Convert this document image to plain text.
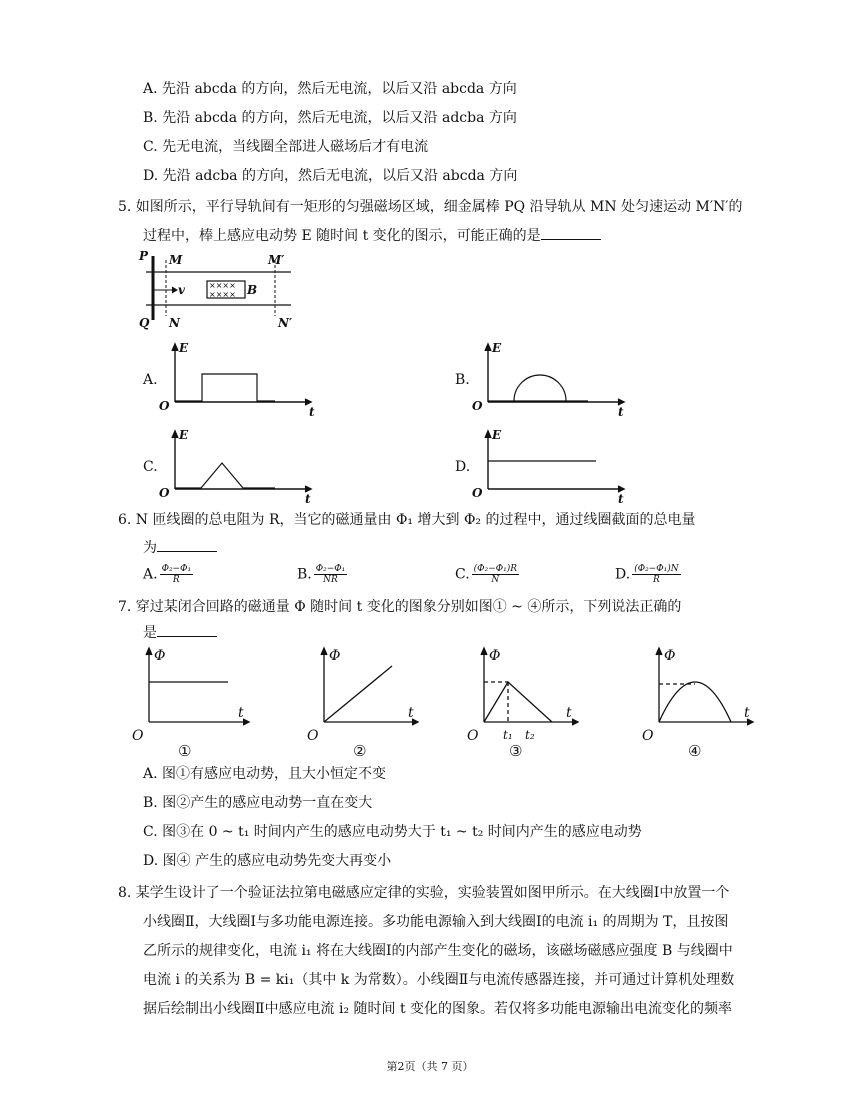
A. 先沿 abcda 的方向，然后无电流，以后又沿 abcda 方向
B. 先沿 abcda 的方向，然后无电流，以后又沿 adcba 方向
C. 先无电流，当线圈全部进人磁场后才有电流
D. 先沿 adcba 的方向，然后无电流，以后又沿 abcda 方向
5. 如图所示，平行导轨间有一矩形的匀强磁场区域，细金属棒 PQ 沿导轨从 MN 处匀速运动 M′N′的
过程中，棒上感应电动势 E 随时间 t 变化的图示，可能正确的是
P M	M′
Q N	N′
v	B
××××
××××
A.
E
O	t
B.
E
O	t
C.
E
O	t
D.
E
O	t
6. N 匝线圈的总电阻为 R，当它的磁通量由 Φ₁ 增大到 Φ₂ 的过程中，通过线圈截面的总电量
为
A. $\frac{\text{Φ₂−Φ₁}}{R}$	B. $\frac{\text{Φ₂−Φ₁}}{NR}$	C. $\frac{\text{(Φ₂−Φ₁)R}}{N}$	D. $\frac{\text{(Φ₂−Φ₁)N}}{R}$
7. 穿过某闭合回路的磁通量 Φ 随时间 t 变化的图象分别如图① ~ ④所示，下列说法正确的
是
Φ
O
t
①
Φ
O
t
②
Φ
O
t
t₁ t₂
③
Φ
O
t
④
A. 图①有感应电动势，且大小恒定不变
B. 图②产生的感应电动势一直在变大
C. 图③在 0 ~ t₁ 时间内产生的感应电动势大于 t₁ ~ t₂ 时间内产生的感应电动势
D. 图④ 产生的感应电动势先变大再变小
8. 某学生设计了一个验证法拉第电磁感应定律的实验，实验装置如图甲所示。在大线圈Ⅰ中放置一个
小线圈Ⅱ，大线圈Ⅰ与多功能电源连接。多功能电源输入到大线圈Ⅰ的电流 i₁ 的周期为 T，且按图
乙所示的规律变化，电流 i₁ 将在大线圈Ⅰ的内部产生变化的磁场，该磁场磁感应强度 B 与线圈中
电流 i 的关系为 B = ki₁（其中 k 为常数）。小线圈Ⅱ与电流传感器连接，并可通过计算机处理数
据后绘制出小线圈Ⅱ中感应电流 i₂ 随时间 t 变化的图象。若仅将多功能电源输出电流变化的频率
第2页（共 7 页）
